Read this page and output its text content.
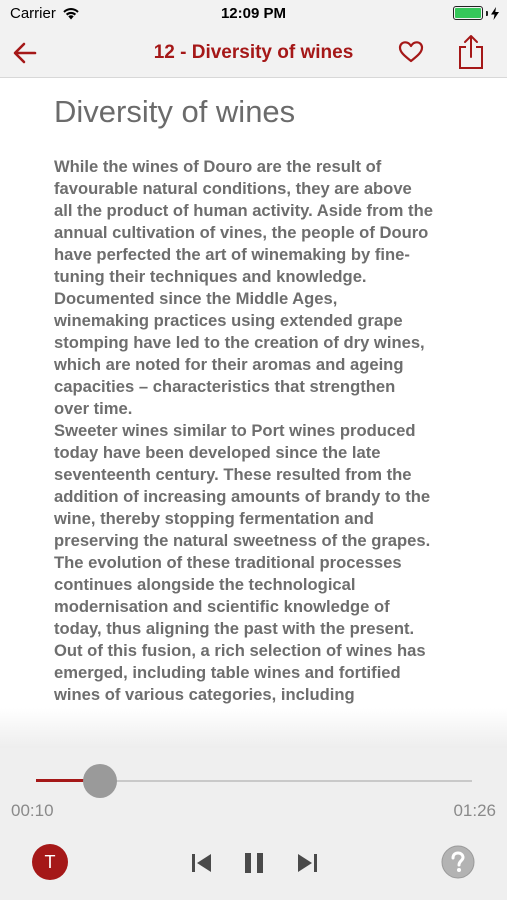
Carrier	12:09 PM
12 - Diversity of wines
Diversity of wines

While the wines of Douro are the result of favourable natural conditions, they are above all the product of human activity. Aside from the annual cultivation of vines, the people of Douro have perfected the art of winemaking by fine-tuning their techniques and knowledge.

Documented since the Middle Ages, winemaking practices using extended grape stomping have led to the creation of dry wines, which are noted for their aromas and ageing capacities – characteristics that strengthen over time.

Sweeter wines similar to Port wines produced today have been developed since the late seventeenth century. These resulted from the addition of increasing amounts of brandy to the wine, thereby stopping fermentation and preserving the natural sweetness of the grapes.

The evolution of these traditional processes continues alongside the technological modernisation and scientific knowledge of today, thus aligning the past with the present. Out of this fusion, a rich selection of wines has emerged, including table wines and fortified wines of various categories, including

00:10	01:26
T
